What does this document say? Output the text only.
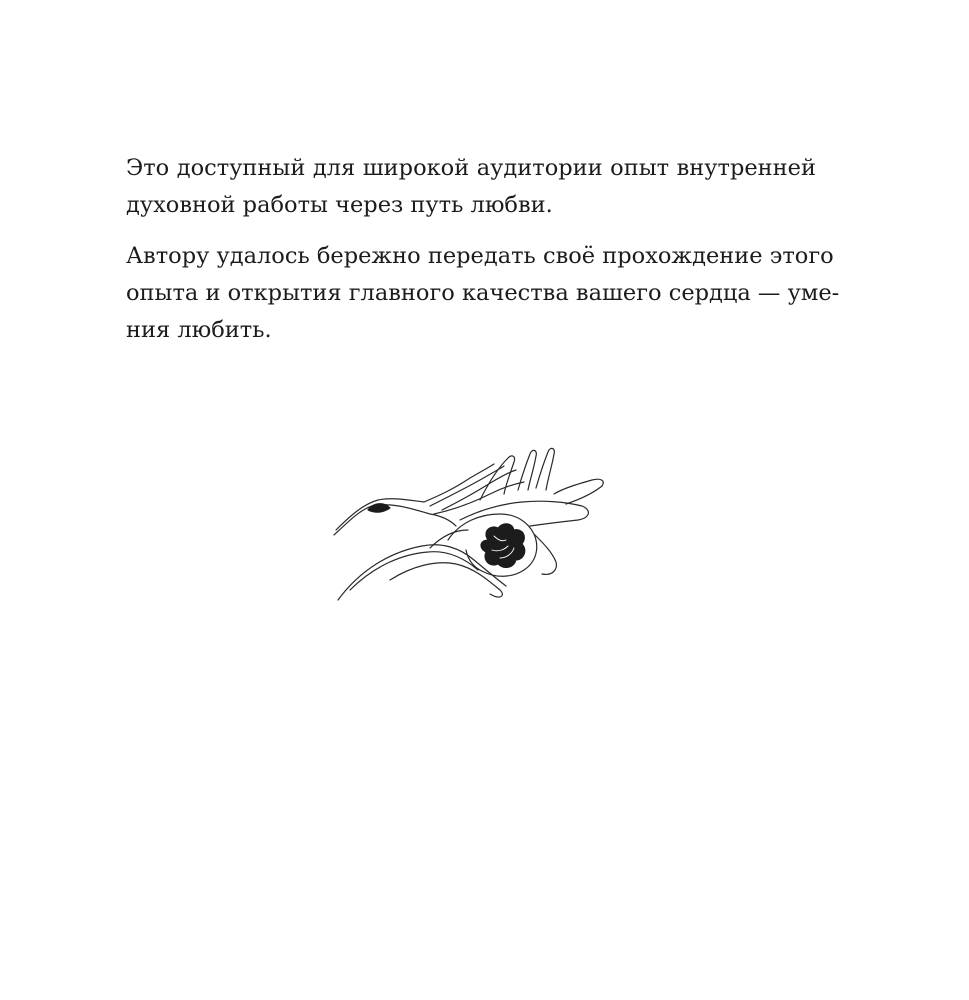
Это доступный для широкой аудитории опыт внутренней
духовной работы через путь любви.

Автору удалось бережно передать своё прохождение этого
опыта и открытия главного качества вашего сердца — уме-
ния любить.
